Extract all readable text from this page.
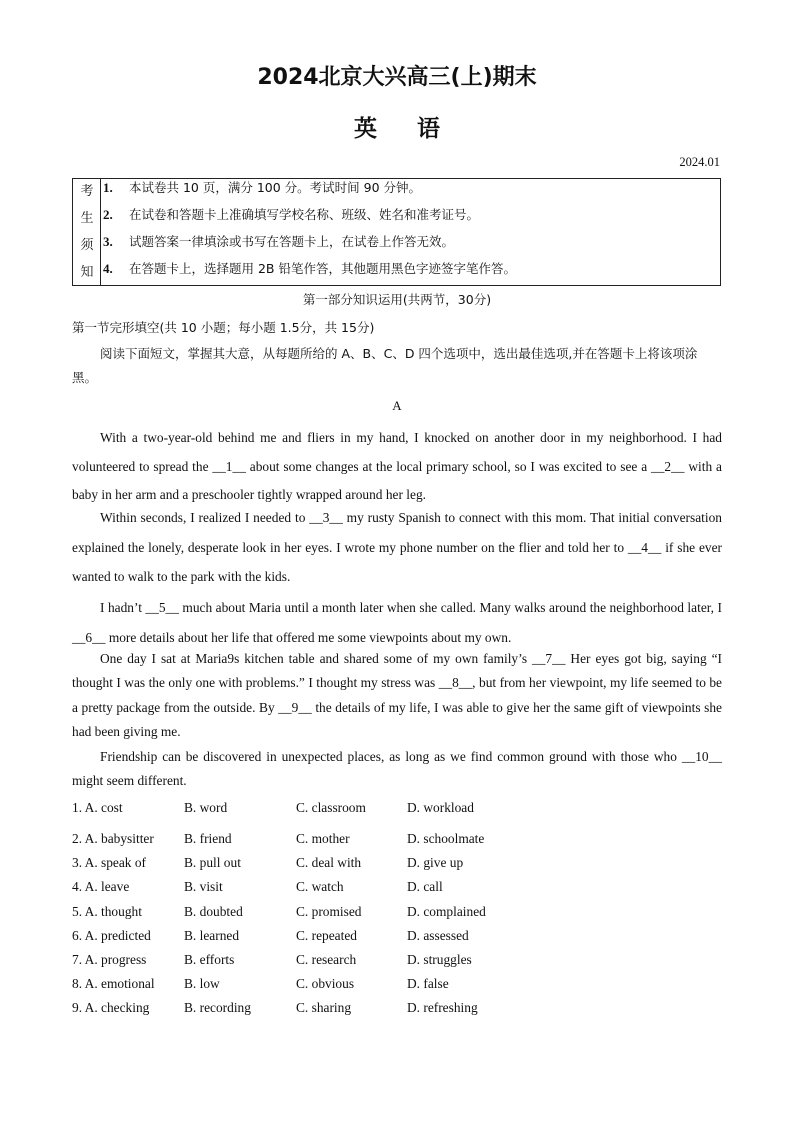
2024北京大兴高三(上)期末
英 语
2024.01
考
生
须
知
1. 本试卷共 10 页，满分 100 分。考试时间 90 分钟。
2. 在试卷和答题卡上准确填写学校名称、班级、姓名和准考证号。
3. 试题答案一律填涂或书写在答题卡上，在试卷上作答无效。
4. 在答题卡上，选择题用 2B 铅笔作答，其他题用黑色字迹签字笔作答。
第一部分知识运用(共两节，30分)
第一节完形填空(共 10 小题；每小题 1.5分，共 15分)
阅读下面短文，掌握其大意，从每题所给的 A、B、C、D 四个选项中，选出最佳选项,并在答题卡上将该项涂黑。
A

With a two-year-old behind me and fliers in my hand, I knocked on another door in my neighborhood. I had volunteered to spread the __1__ about some changes at the local primary school, so I was excited to see a __2__ with a baby in her arm and a preschooler tightly wrapped around her leg.

Within seconds, I realized I needed to __3__ my rusty Spanish to connect with this mom. That initial conversation explained the lonely, desperate look in her eyes. I wrote my phone number on the flier and told her to __4__ if she ever wanted to walk to the park with the kids.

I hadn’t __5__ much about Maria until a month later when she called. Many walks around the neighborhood later, I __6__ more details about her life that offered me some viewpoints about my own.

One day I sat at Maria9s kitchen table and shared some of my own family’s __7__ Her eyes got big, saying “I thought I was the only one with problems.” I thought my stress was __8__, but from her viewpoint, my life seemed to be a pretty package from the outside. By __9__ the details of my life, I was able to give her the same gift of viewpoints she had been giving me.

Friendship can be discovered in unexpected places, as long as we find common ground with those who __10__ might seem different.

1. A. cost	B. word	C. classroom	D. workload
2. A. babysitter B. friend	C. mother	D. schoolmate
3. A. speak of	B. pull out	C. deal with	D. give up
4. A. leave	B. visit	C. watch	D. call
5. A. thought	B. doubted	C. promised	D. complained
6. A. predicted B. learned	C. repeated	D. assessed
7. A. progress	B. efforts	C. research	D. struggles
8. A. emotional B. low	C. obvious	D. false
9. A. checking	B. recording	C. sharing	D. refreshing
